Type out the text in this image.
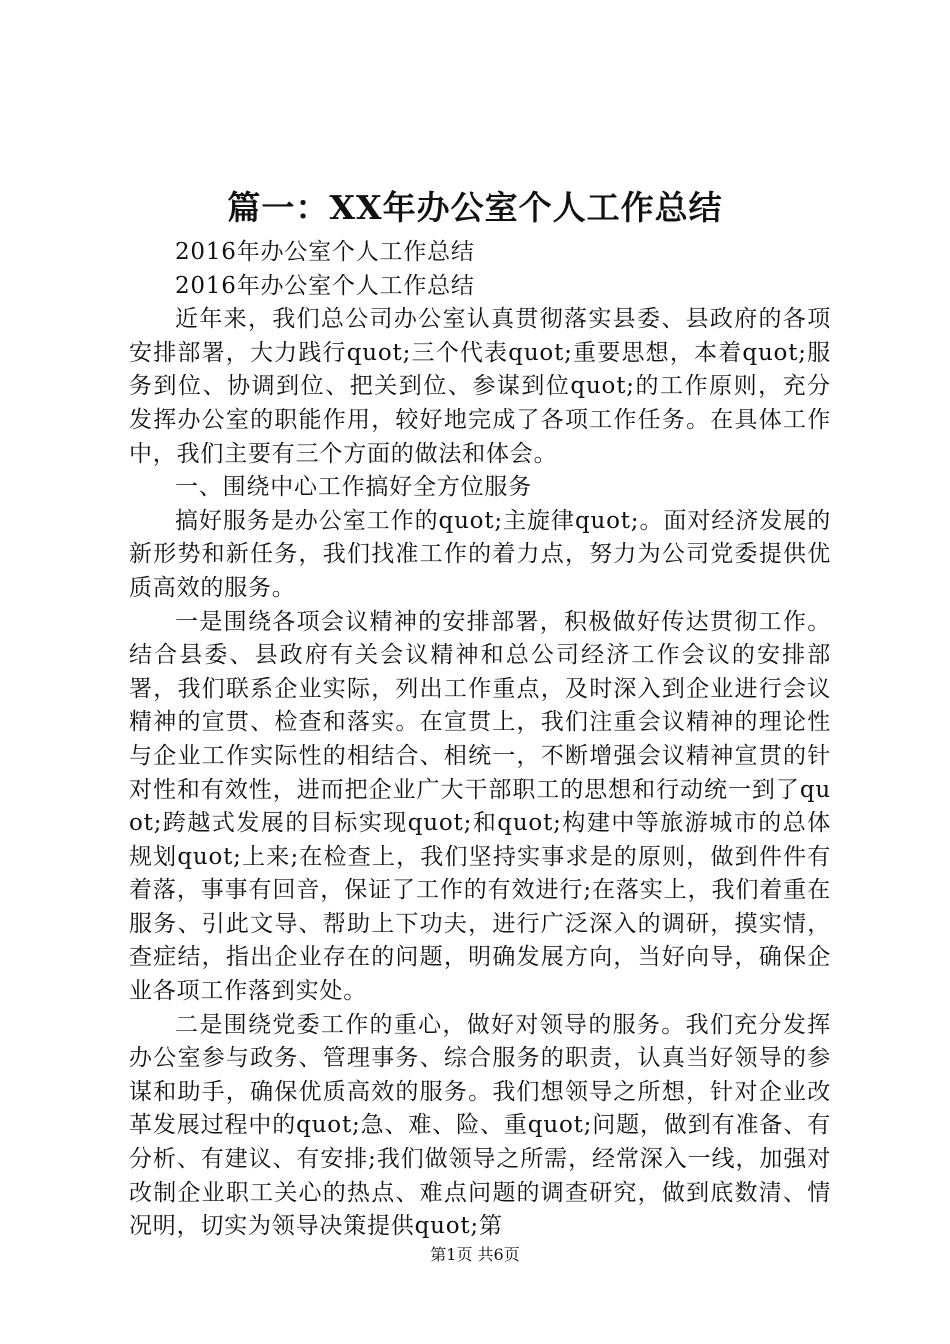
篇一：XX年办公室个人工作总结

2016年办公室个人工作总结

2016年办公室个人工作总结

近年来，我们总公司办公室认真贯彻落实县委、县政府的各项安排部署，大力践行quot;三个代表quot;重要思想，本着quot;服务到位、协调到位、把关到位、参谋到位quot;的工作原则，充分发挥办公室的职能作用，较好地完成了各项工作任务。在具体工作中，我们主要有三个方面的做法和体会。

一、围绕中心工作搞好全方位服务

搞好服务是办公室工作的quot;主旋律quot;。面对经济发展的新形势和新任务，我们找准工作的着力点，努力为公司党委提供优质高效的服务。

一是围绕各项会议精神的安排部署，积极做好传达贯彻工作。结合县委、县政府有关会议精神和总公司经济工作会议的安排部署，我们联系企业实际，列出工作重点，及时深入到企业进行会议精神的宣贯、检查和落实。在宣贯上，我们注重会议精神的理论性与企业工作实际性的相结合、相统一，不断增强会议精神宣贯的针对性和有效性，进而把企业广大干部职工的思想和行动统一到了quot;跨越式发展的目标实现quot;和quot;构建中等旅游城市的总体规划quot;上来;在检查上，我们坚持实事求是的原则，做到件件有着落，事事有回音，保证了工作的有效进行;在落实上，我们着重在服务、引此文导、帮助上下功夫，进行广泛深入的调研，摸实情，查症结，指出企业存在的问题，明确发展方向，当好向导，确保企业各项工作落到实处。

二是围绕党委工作的重心，做好对领导的服务。我们充分发挥办公室参与政务、管理事务、综合服务的职责，认真当好领导的参谋和助手，确保优质高效的服务。我们想领导之所想，针对企业改革发展过程中的quot;急、难、险、重quot;问题，做到有准备、有分析、有建议、有安排;我们做领导之所需，经常深入一线，加强对改制企业职工关心的热点、难点问题的调查研究，做到底数清、情况明，切实为领导决策提供quot;第

第1页 共6页
